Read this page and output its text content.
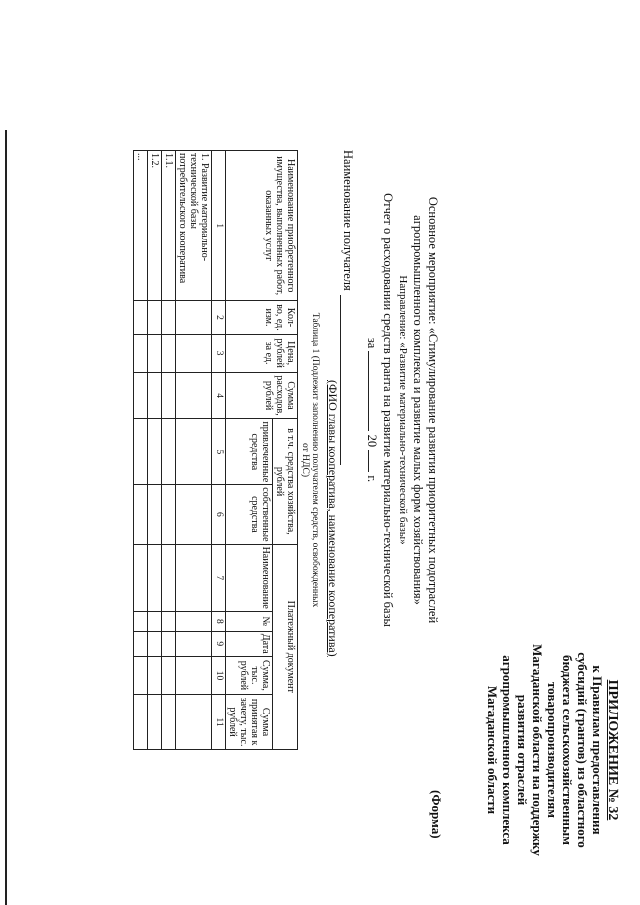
ПРИЛОЖЕНИЕ № 32
к Правилам предоставления
субсидий (грантов) из областного
бюджета сельскохозяйственным
товаропроизводителям
Магаданской области на поддержку
развития отраслей
агропромышленного комплекса
Магаданской области
(Форма)
Основное мероприятие: «Стимулирование развития приоритетных подотраслей
агропромышленного комплекса и развитие малых форм хозяйствования»
Направление: «Развитие материально-технической базы»
Отчет о расходовании средств гранта на развитие материально-технической базы
за  20  г.
Наименование получателя
(ФИО главы кооператива, наименование кооператива)
Таблица 1 (Подлежит заполнению получателем средств, освобожденных от НДС)
Наименование приобретенного имущества, выполненных работ, оказанных услуг	Кол-во, ед. изм.	Цена, рублей за ед.	Сумма расходов, рублей	в т.ч. средства хозяйства, рублей		Платежный документ				
				привлеченные средства	собственные средства	Наименование	№	Дата	Сумма, тыс. рублей	Сумма принятая к зачету, тыс. рублей

1	2	3	4	5	6	7	8	9	10	11
1. Развитие материально-технической базы потребительского кооператива										
1.1.										
1.2.										
...										
